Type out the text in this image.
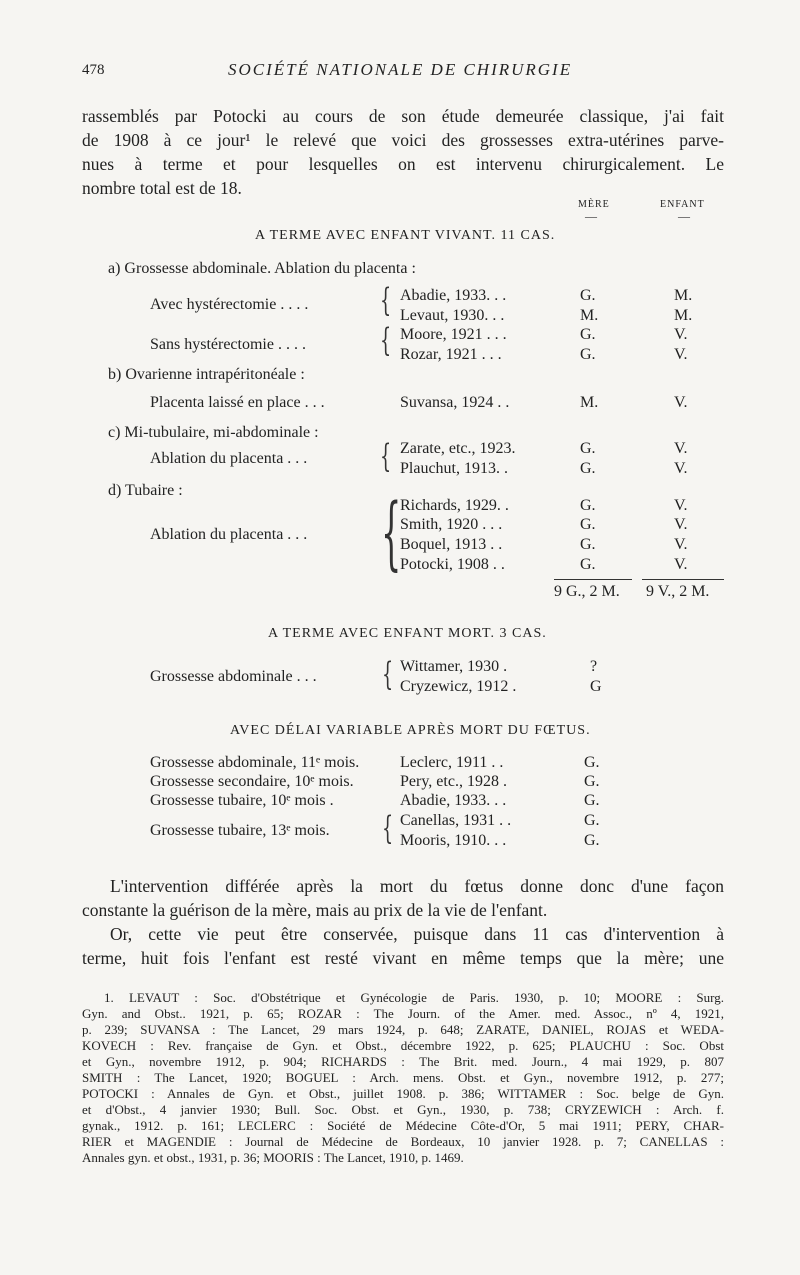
478	SOCIÉTÉ NATIONALE DE CHIRURGIE
rassemblés par Potocki au cours de son étude demeurée classique, j'ai fait
de 1908 à ce jour¹ le relevé que voici des grossesses extra-utérines parve-
nues à terme et pour lesquelles on est intervenu chirurgicalement. Le
nombre total est de 18.
MÈRE	ENFANT
—	—
A TERME AVEC ENFANT VIVANT. 11 CAS.
a) Grossesse abdominale. Ablation du placenta :
Avec hystérectomie . . . . { Abadie, 1933. . .	G.	M.
Levaut, 1930. . .	M.	M.
Sans hystérectomie . . . . { Moore, 1921 . . .	G.	V.
Rozar, 1921 . . .	G.	V.
b) Ovarienne intrapéritonéale :
Placenta laissé en place . . .	Suvansa, 1924 . .	M.	V.
c) Mi-tubulaire, mi-abdominale :
Ablation du placenta . . . { Zarate, etc., 1923.	G.	V.
Plauchut, 1913. .	G.	V.
d) Tubaire :
Ablation du placenta . . . {
Richards, 1929. .	G.	V.
Smith, 1920 . . .	G.	V.
Boquel, 1913 . .	G.	V.
Potocki, 1908 . .	G.	V.
9 G., 2 M. 9 V., 2 M.
A TERME AVEC ENFANT MORT. 3 CAS.
Grossesse abdominale . . . { Wittamer, 1930 .	?
Cryzewicz, 1912 .	G
AVEC DÉLAI VARIABLE APRÈS MORT DU FŒTUS.
Grossesse abdominale, 11ᵉ mois.	Leclerc, 1911 . .	G.
Grossesse secondaire, 10ᵉ mois.	Pery, etc., 1928 .	G.
Grossesse tubaire, 10ᵉ mois .	Abadie, 1933. . .	G.
Grossesse tubaire, 13ᵉ mois. { Canellas, 1931 . .	G.
Mooris, 1910. . .	G.
L'intervention différée après la mort du fœtus donne donc d'une façon
constante la guérison de la mère, mais au prix de la vie de l'enfant.
Or, cette vie peut être conservée, puisque dans 11 cas d'intervention à
terme, huit fois l'enfant est resté vivant en même temps que la mère; une
1. LEVAUT : Soc. d'Obstétrique et Gynécologie de Paris. 1930, p. 10; MOORE : Surg.
Gyn. and Obst.. 1921, p. 65; ROZAR : The Journ. of the Amer. med. Assoc., nº 4, 1921,
p. 239; SUVANSA : The Lancet, 29 mars 1924, p. 648; ZARATE, DANIEL, ROJAS et WEDA-
KOVECH : Rev. française de Gyn. et Obst., décembre 1922, p. 625; PLAUCHU : Soc. Obst
et Gyn., novembre 1912, p. 904; RICHARDS : The Brit. med. Journ., 4 mai 1929, p. 807
SMITH : The Lancet, 1920; BOGUEL : Arch. mens. Obst. et Gyn., novembre 1912, p. 277;
POTOCKI : Annales de Gyn. et Obst., juillet 1908. p. 386; WITTAMER : Soc. belge de Gyn.
et d'Obst., 4 janvier 1930; Bull. Soc. Obst. et Gyn., 1930, p. 738; CRYZEWICH : Arch. f.
gynak., 1912. p. 161; LECLERC : Société de Médecine Côte-d'Or, 5 mai 1911; PERY, CHAR-
RIER et MAGENDIE : Journal de Médecine de Bordeaux, 10 janvier 1928. p. 7; CANELLAS :
Annales gyn. et obst., 1931, p. 36; MOORIS : The Lancet, 1910, p. 1469.
